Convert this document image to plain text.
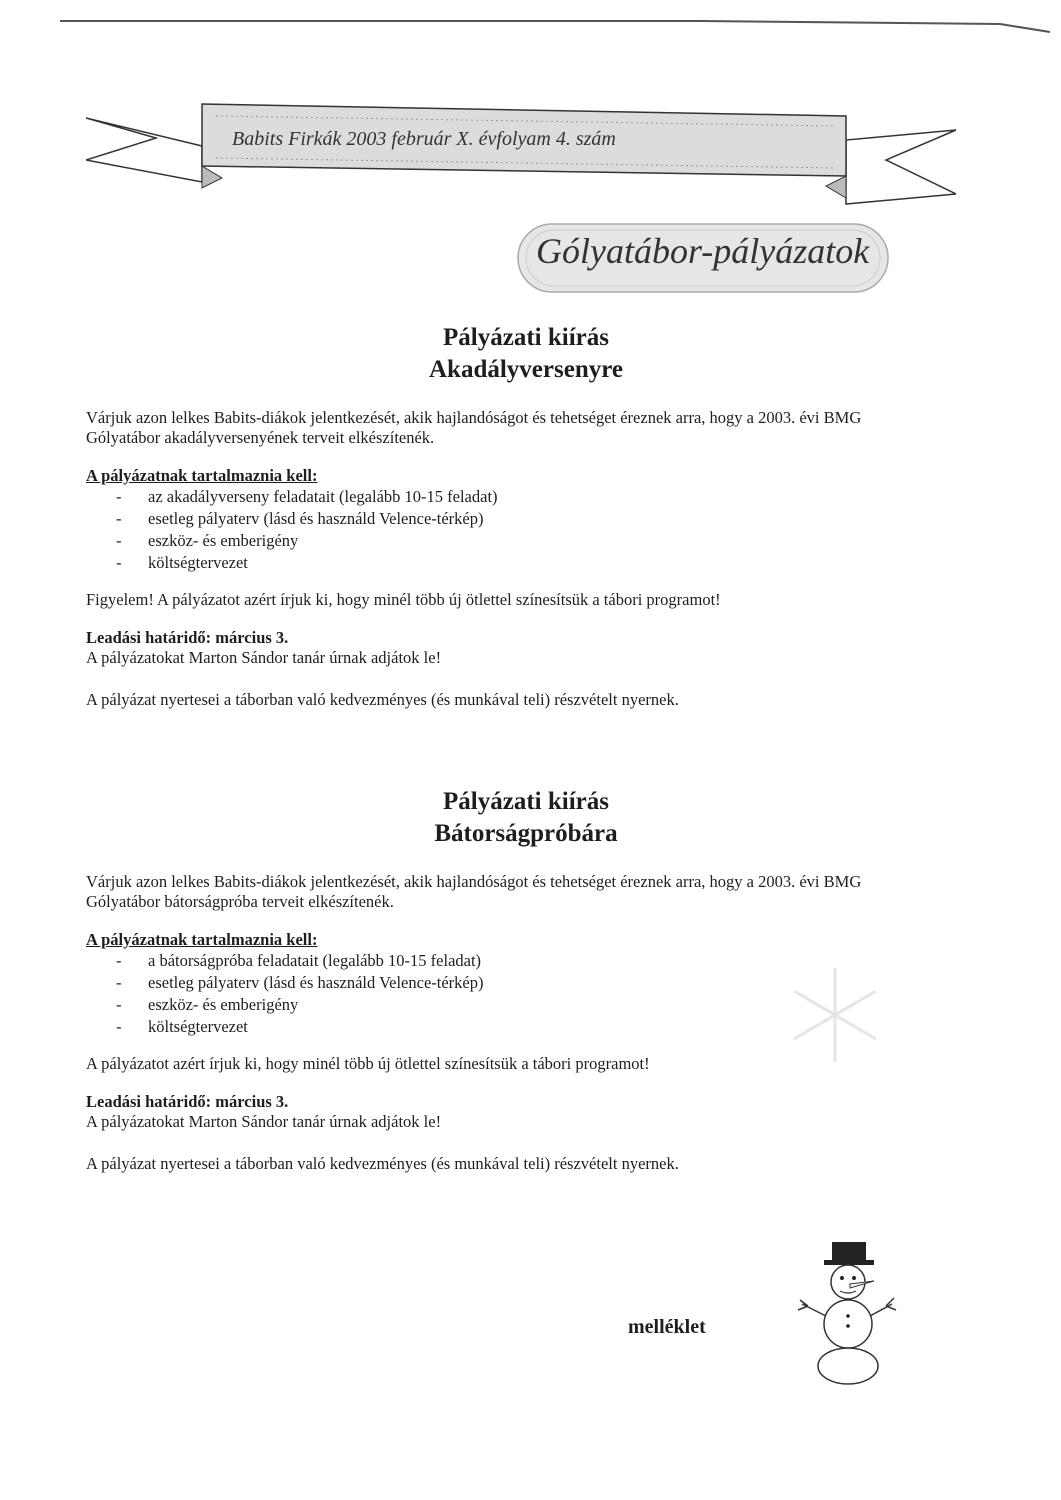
Babits Firkák 2003 február X. évfolyam 4. szám
Gólyatábor-pályázatok

Pályázati kiírás

Akadályversenyre

Várjuk azon lelkes Babits-diákok jelentkezését, akik hajlandóságot és tehetséget éreznek arra, hogy a 2003. évi BMG Gólyatábor akadályversenyének terveit elkészítenék.

A pályázatnak tartalmaznia kell:
- az akadályverseny feladatait (legalább 10-15 feladat)
- esetleg pályaterv (lásd és használd Velence-térkép)
- eszköz- és emberigény
- költségtervezet

Figyelem! A pályázatot azért írjuk ki, hogy minél több új ötlettel színesítsük a tábori programot!

Leadási határidő: március 3.
A pályázatokat Marton Sándor tanár úrnak adjátok le!

A pályázat nyertesei a táborban való kedvezményes (és munkával teli) részvételt nyernek.

Pályázati kiírás

Bátorságpróbára

Várjuk azon lelkes Babits-diákok jelentkezését, akik hajlandóságot és tehetséget éreznek arra, hogy a 2003. évi BMG Gólyatábor bátorságpróba terveit elkészítenék.

A pályázatnak tartalmaznia kell:
- a bátorságpróba feladatait (legalább 10-15 feladat)
- esetleg pályaterv (lásd és használd Velence-térkép)
- eszköz- és emberigény
- költségtervezet

A pályázatot azért írjuk ki, hogy minél több új ötlettel színesítsük a tábori programot!

Leadási határidő: március 3.
A pályázatokat Marton Sándor tanár úrnak adjátok le!

A pályázat nyertesei a táborban való kedvezményes (és munkával teli) részvételt nyernek.

melléklet
